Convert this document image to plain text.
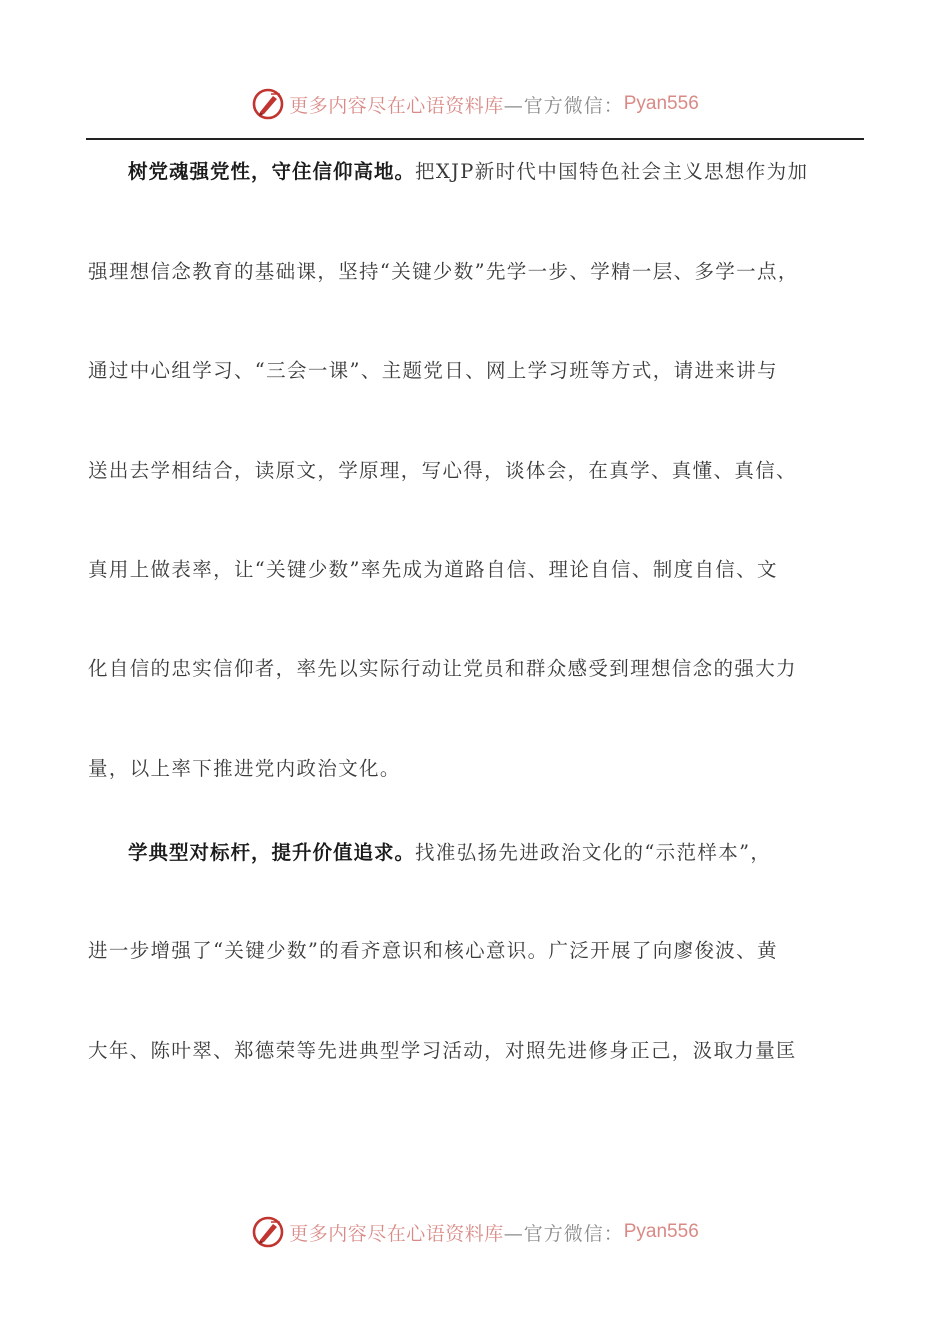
更多内容尽在心语资料库 —官方微信： Pyan556
树党魂强党性，守住信仰高地。把XJP新时代中国特色社会主义思想作为加
强理想信念教育的基础课，坚持“关键少数”先学一步、学精一层、多学一点，
通过中心组学习、“三会一课”、主题党日、网上学习班等方式，请进来讲与
送出去学相结合，读原文，学原理，写心得，谈体会，在真学、真懂、真信、
真用上做表率，让“关键少数”率先成为道路自信、理论自信、制度自信、文
化自信的忠实信仰者，率先以实际行动让党员和群众感受到理想信念的强大力
量，以上率下推进党内政治文化。
学典型对标杆，提升价值追求。找准弘扬先进政治文化的“示范样本”，
进一步增强了“关键少数”的看齐意识和核心意识。广泛开展了向廖俊波、黄
大年、陈叶翠、郑德荣等先进典型学习活动，对照先进修身正己，汲取力量匡
更多内容尽在心语资料库 —官方微信： Pyan556
